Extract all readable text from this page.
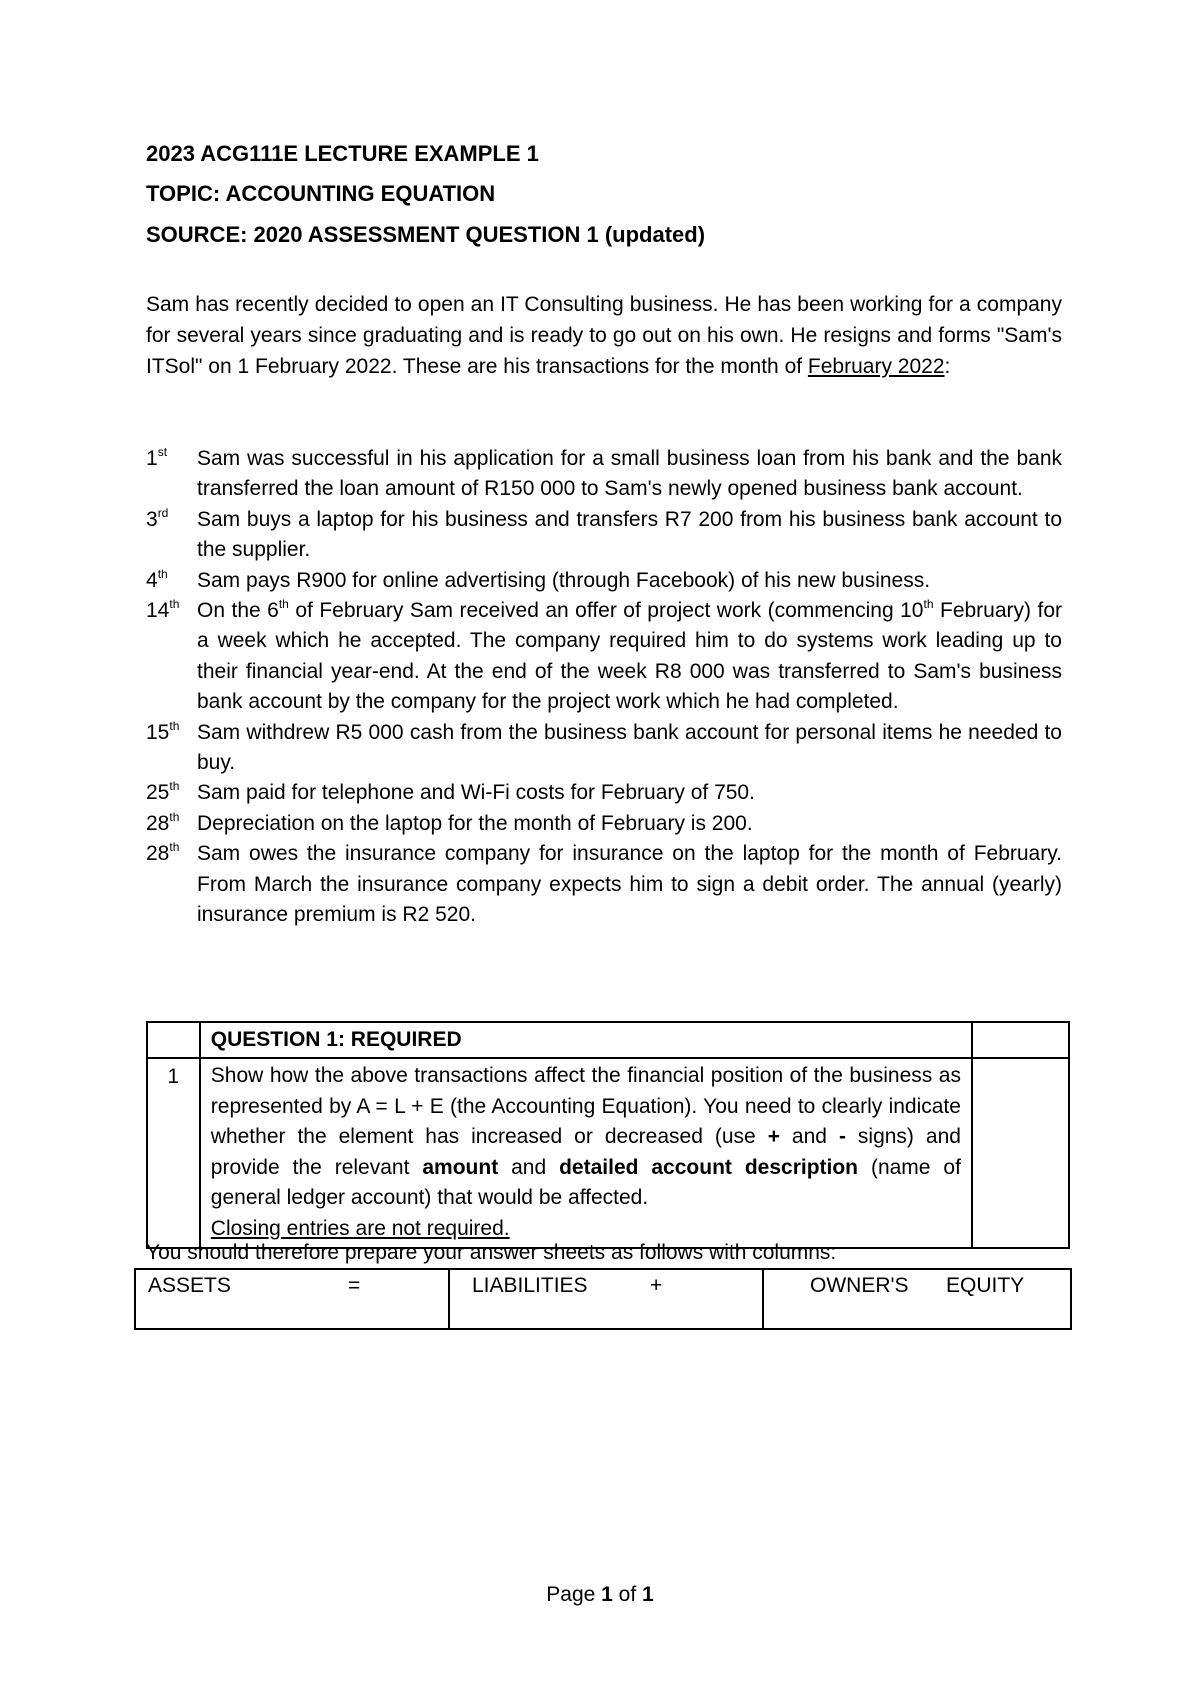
2023 ACG111E LECTURE EXAMPLE 1
TOPIC: ACCOUNTING EQUATION
SOURCE: 2020 ASSESSMENT QUESTION 1 (updated)
Sam has recently decided to open an IT Consulting business. He has been working for a company for several years since graduating and is ready to go out on his own. He resigns and forms "Sam's ITSol" on 1 February 2022. These are his transactions for the month of February 2022:
1st	Sam was successful in his application for a small business loan from his bank and the bank transferred the loan amount of R150 000 to Sam's newly opened business bank account.
3rd	Sam buys a laptop for his business and transfers R7 200 from his business bank account to the supplier.
4th	Sam pays R900 for online advertising (through Facebook) of his new business.
14th On the 6th of February Sam received an offer of project work (commencing 10th February) for a week which he accepted. The company required him to do systems work leading up to their financial year-end. At the end of the week R8 000 was transferred to Sam's business bank account by the company for the project work which he had completed.
15th Sam withdrew R5 000 cash from the business bank account for personal items he needed to buy.
25th Sam paid for telephone and Wi-Fi costs for February of 750.
28th Depreciation on the laptop for the month of February is 200.
28th Sam owes the insurance company for insurance on the laptop for the month of February. From March the insurance company expects him to sign a debit order. The annual (yearly) insurance premium is R2 520.
	QUESTION 1: REQUIRED	
1	Show how the above transactions affect the financial position of the business as represented by A = L + E (the Accounting Equation). You need to clearly indicate whether the element has increased or decreased (use + and - signs) and provide the relevant amount and detailed account description (name of general ledger account) that would be affected.
Closing entries are not required.	
You should therefore prepare your answer sheets as follows with columns:
ASSETS	=	LIABILITIES	+	OWNER'S EQUITY
Page 1 of 1
